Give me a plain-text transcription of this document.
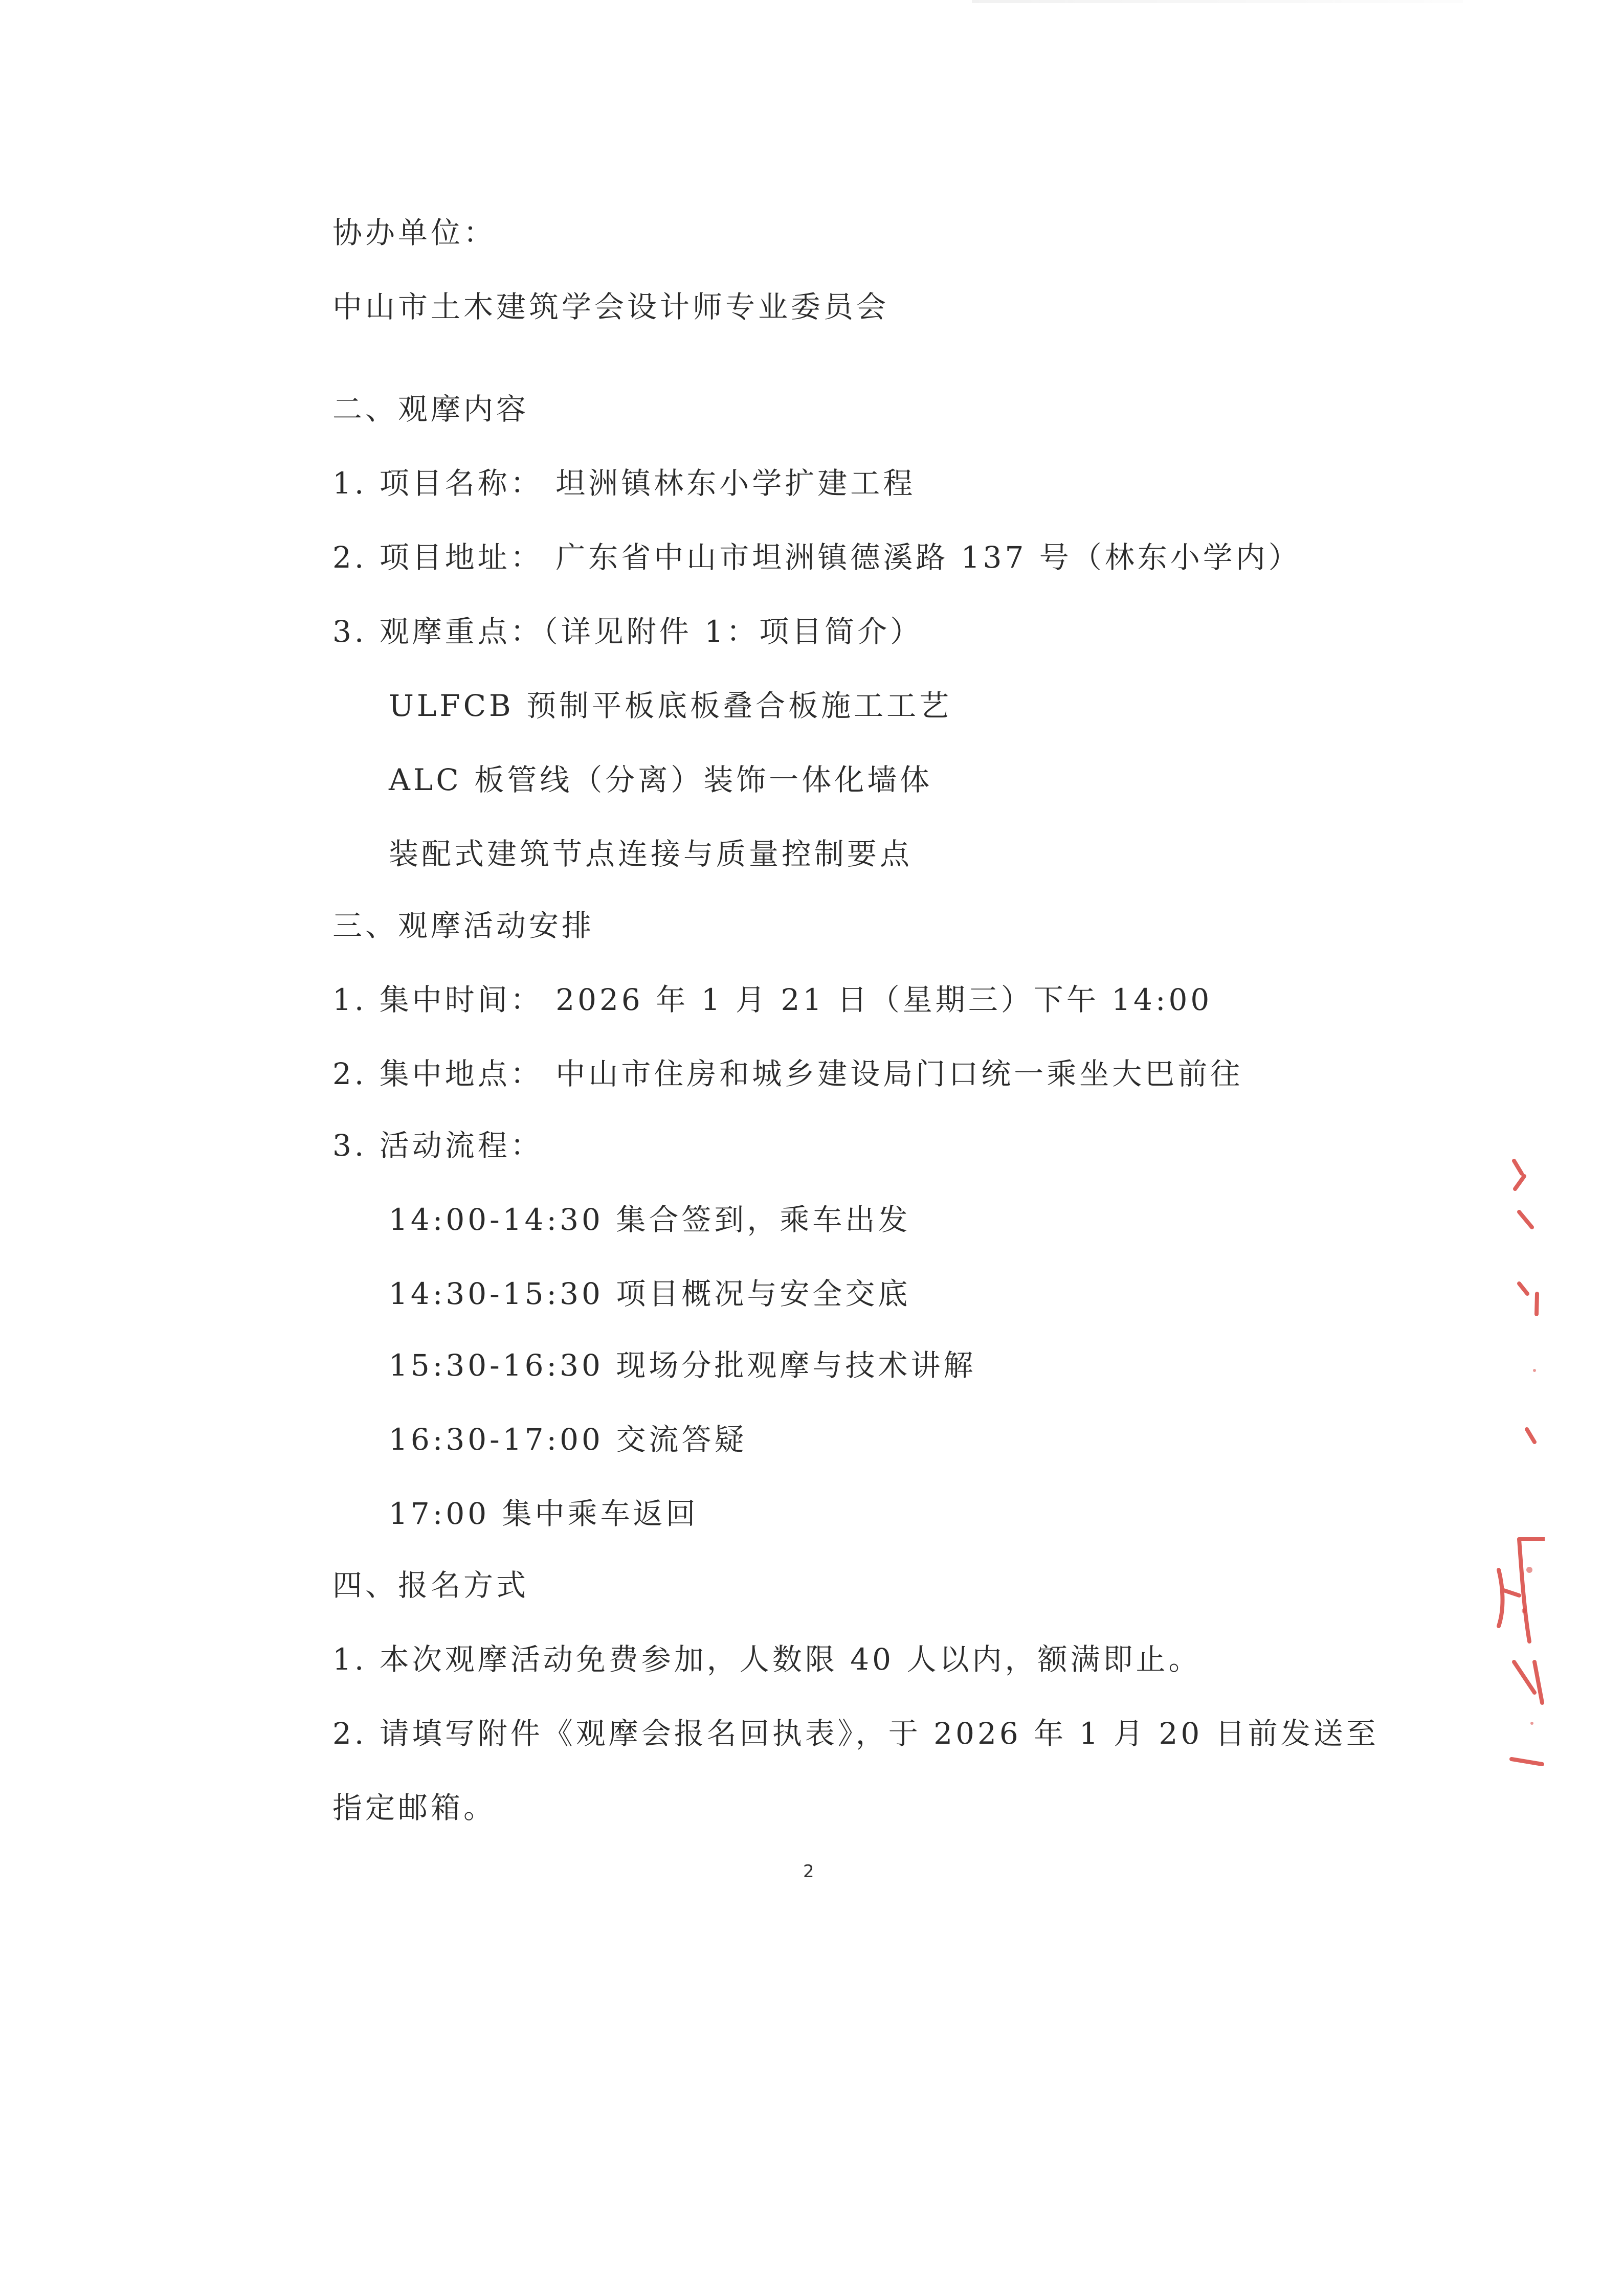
协办单位：
中山市土木建筑学会设计师专业委员会
二、观摩内容
1. 项目名称： 坦洲镇林东小学扩建工程
2. 项目地址： 广东省中山市坦洲镇德溪路 137 号（林东小学内）
3. 观摩重点：（详见附件 1：项目简介）
ULFCB 预制平板底板叠合板施工工艺
ALC 板管线（分离）装饰一体化墙体
装配式建筑节点连接与质量控制要点
三、观摩活动安排
1. 集中时间： 2026 年 1 月 21 日（星期三）下午 14:00
2. 集中地点： 中山市住房和城乡建设局门口统一乘坐大巴前往
3. 活动流程：
14:00-14:30 集合签到，乘车出发
14:30-15:30 项目概况与安全交底
15:30-16:30 现场分批观摩与技术讲解
16:30-17:00 交流答疑
17:00 集中乘车返回
四、报名方式
1. 本次观摩活动免费参加，人数限 40 人以内，额满即止。
2. 请填写附件《观摩会报名回执表》，于 2026 年 1 月 20 日前发送至
指定邮箱。
2
